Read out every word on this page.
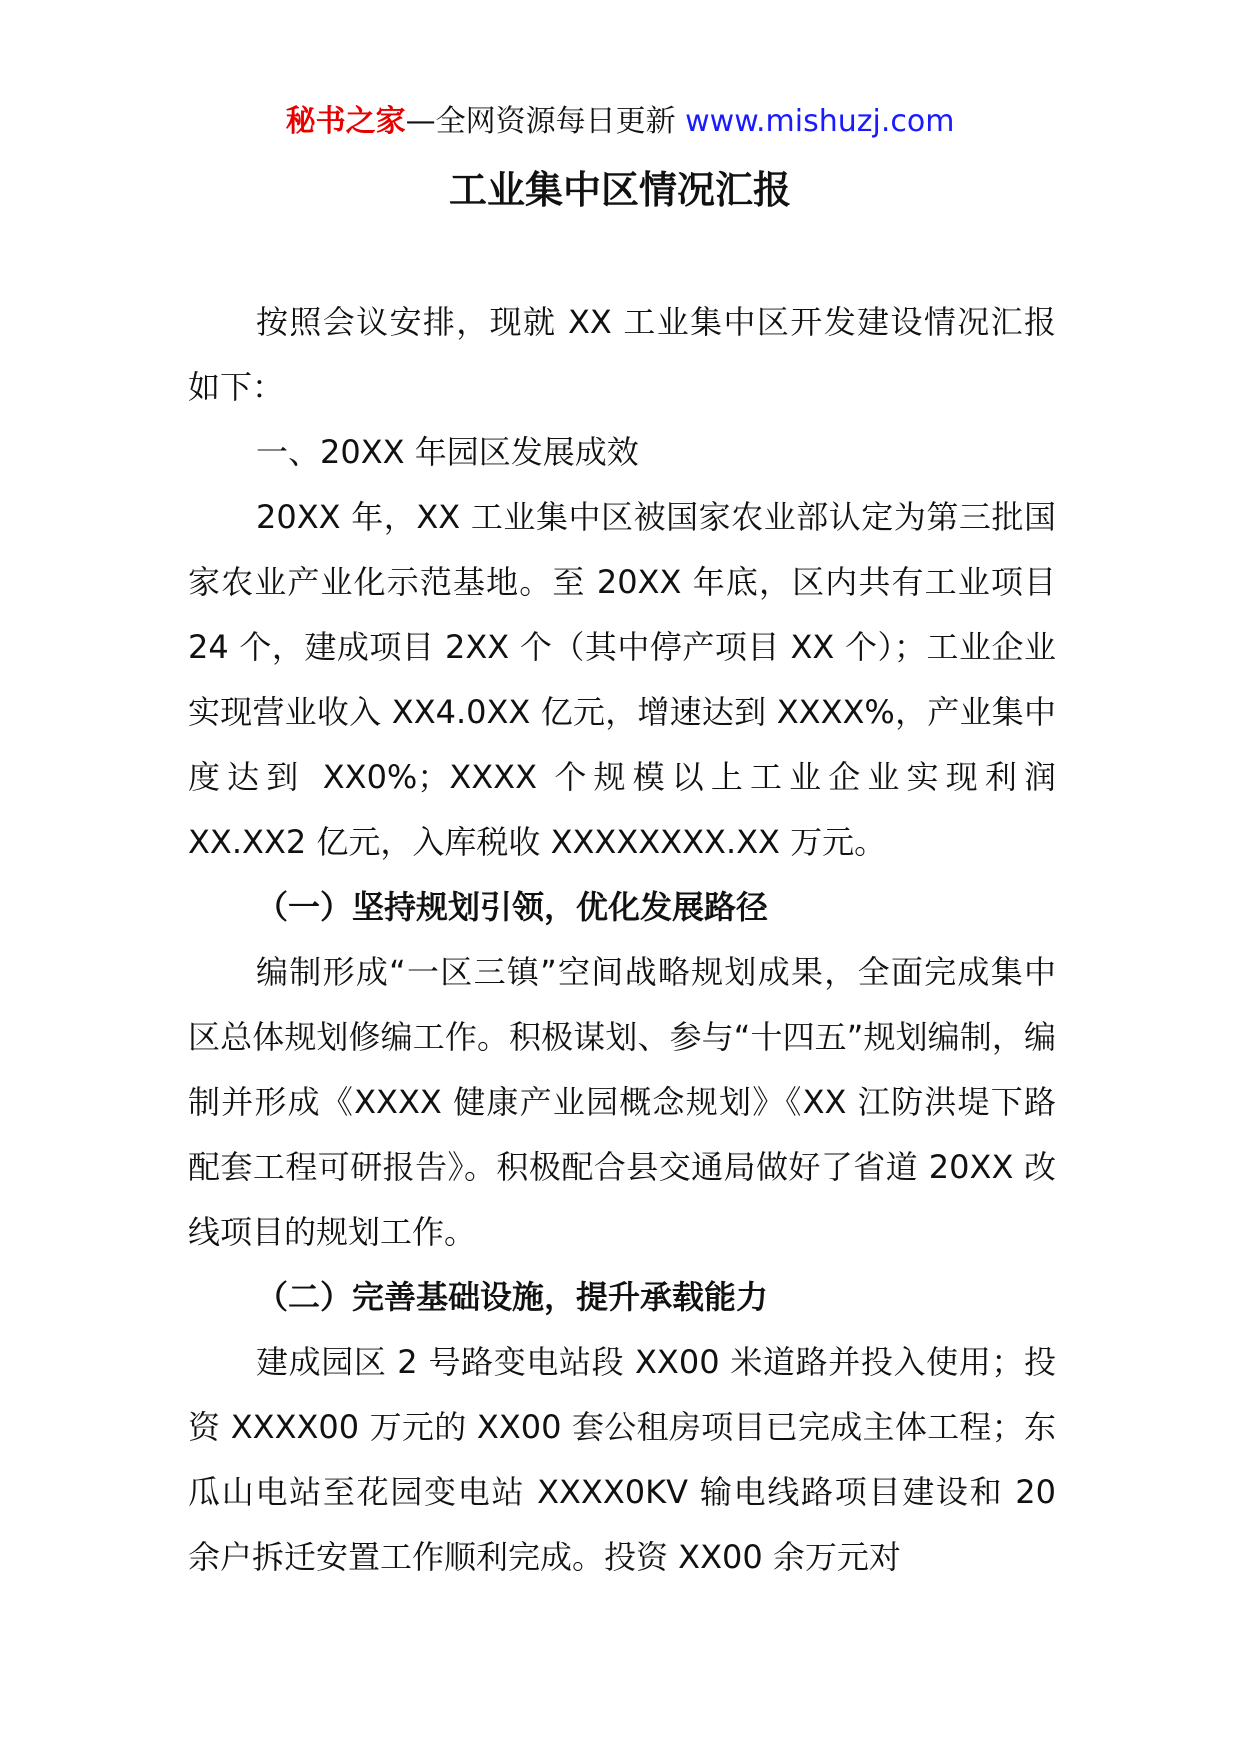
秘书之家—全网资源每日更新 www.mishuzj.com
工业集中区情况汇报

按照会议安排，现就 XX 工业集中区开发建设情况汇报如下：

一、20XX 年园区发展成效

20XX 年，XX 工业集中区被国家农业部认定为第三批国家农业产业化示范基地。至 20XX 年底，区内共有工业项目 24 个，建成项目 2XX 个（其中停产项目 XX 个）；工业企业实现营业收入 XX4.0XX 亿元，增速达到 XXXX%，产业集中度达到 XX0%；XXXX 个规模以上工业企业实现利润 XX.XX2 亿元，入库税收 XXXXXXXX.XX 万元。

（一）坚持规划引领，优化发展路径

编制形成“一区三镇”空间战略规划成果，全面完成集中区总体规划修编工作。积极谋划、参与“十四五”规划编制，编制并形成《XXXX 健康产业园概念规划》《XX 江防洪堤下路配套工程可研报告》。积极配合县交通局做好了省道 20XX 改线项目的规划工作。

（二）完善基础设施，提升承载能力

建成园区 2 号路变电站段 XX00 米道路并投入使用；投资 XXXX00 万元的 XX00 套公租房项目已完成主体工程；东瓜山电站至花园变电站 XXXX0KV 输电线路项目建设和 20 余户拆迁安置工作顺利完成。投资 XX00 余万元对
